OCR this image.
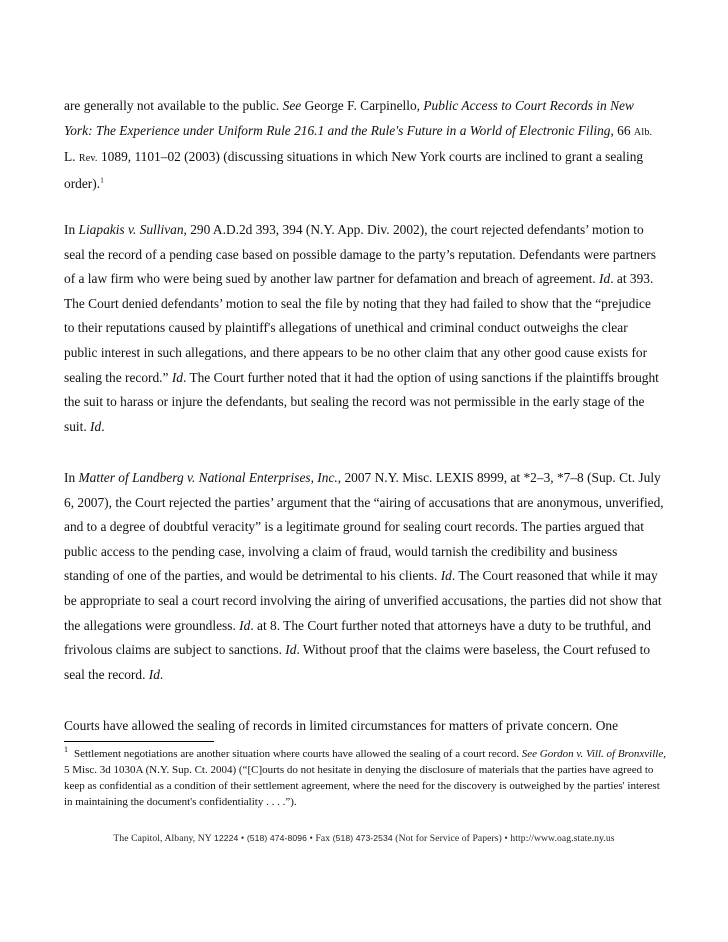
are generally not available to the public. See George F. Carpinello, Public Access to Court Records in New York: The Experience under Uniform Rule 216.1 and the Rule's Future in a World of Electronic Filing, 66 Alb. L. Rev. 1089, 1101–02 (2003) (discussing situations in which New York courts are inclined to grant a sealing order).$^1$

In Liapakis v. Sullivan, 290 A.D.2d 393, 394 (N.Y. App. Div. 2002), the court rejected defendants’ motion to seal the record of a pending case based on possible damage to the party’s reputation. Defendants were partners of a law firm who were being sued by another law partner for defamation and breach of agreement. Id. at 393. The Court denied defendants’ motion to seal the file by noting that they had failed to show that the “prejudice to their reputations caused by plaintiff's allegations of unethical and criminal conduct outweighs the clear public interest in such allegations, and there appears to be no other claim that any other good cause exists for sealing the record.” Id. The Court further noted that it had the option of using sanctions if the plaintiffs brought the suit to harass or injure the defendants, but sealing the record was not permissible in the early stage of the suit. Id.

In Matter of Landberg v. National Enterprises, Inc., 2007 N.Y. Misc. LEXIS 8999, at *2–3, *7–8 (Sup. Ct. July 6, 2007), the Court rejected the parties’ argument that the “airing of accusations that are anonymous, unverified, and to a degree of doubtful veracity” is a legitimate ground for sealing court records. The parties argued that public access to the pending case, involving a claim of fraud, would tarnish the credibility and business standing of one of the parties, and would be detrimental to his clients. Id. The Court reasoned that while it may be appropriate to seal a court record involving the airing of unverified accusations, the parties did not show that the allegations were groundless. Id. at 8. The Court further noted that attorneys have a duty to be truthful, and frivolous claims are subject to sanctions. Id. Without proof that the claims were baseless, the Court refused to seal the record. Id.

Courts have allowed the sealing of records in limited circumstances for matters of private concern. One

$^1$ Settlement negotiations are another situation where courts have allowed the sealing of a court record. See Gordon v. Vill. of Bronxville, 5 Misc. 3d 1030A (N.Y. Sup. Ct. 2004) (“[C]ourts do not hesitate in denying the disclosure of materials that the parties have agreed to keep as confidential as a condition of their settlement agreement, where the need for the discovery is outweighed by the parties' interest in maintaining the document's confidentiality . . . .”).
The Capitol, Albany, NY 12224 • (518) 474-8096 • Fax (518) 473-2534 (Not for Service of Papers) • http://www.oag.state.ny.us
